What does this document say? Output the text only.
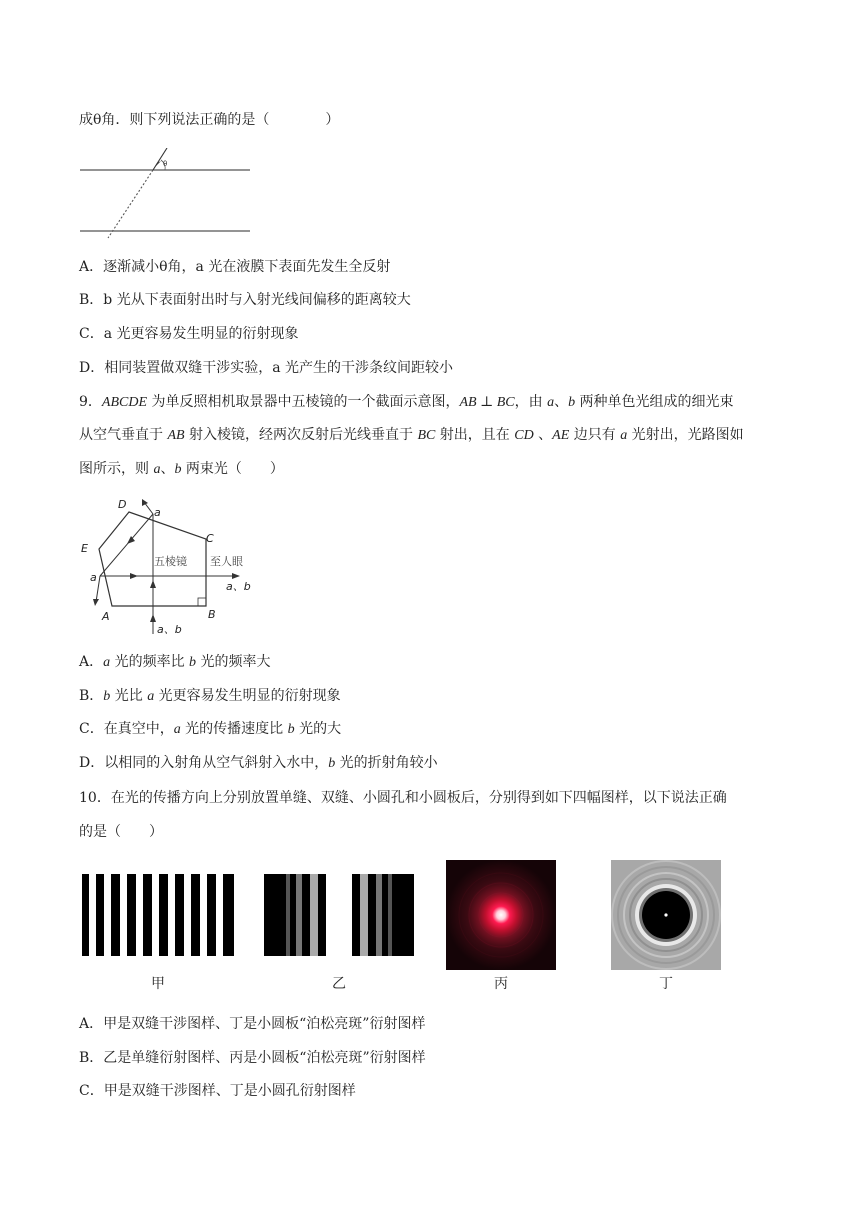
成θ角．则下列说法正确的是（　　　　）
θ
A．逐渐减小θ角，a 光在液膜下表面先发生全反射
B．b 光从下表面射出时与入射光线间偏移的距离较大
C．a 光更容易发生明显的衍射现象
D．相同装置做双缝干涉实验，a 光产生的干涉条纹间距较小
9．ABCDE 为单反照相机取景器中五棱镜的一个截面示意图，AB ⊥ BC，由 a、b 两种单色光组成的细光束
从空气垂直于 AB 射入棱镜，经两次反射后光线垂直于 BC 射出，且在 CD 、AE 边只有 a 光射出，光路图如
图所示，则 a、b 两束光（　　）
D
a
C
E
五棱镜 至人眼
a
a、b
A	B
a、b
A．a 光的频率比 b 光的频率大
B．b 光比 a 光更容易发生明显的衍射现象
C．在真空中，a 光的传播速度比 b 光的大
D．以相同的入射角从空气斜射入水中，b 光的折射角较小
10．在光的传播方向上分别放置单缝、双缝、小圆孔和小圆板后，分别得到如下四幅图样，以下说法正确
的是（　　）
甲	乙	丙	丁
A．甲是双缝干涉图样、丁是小圆板“泊松亮斑”衍射图样
B．乙是单缝衍射图样、丙是小圆板“泊松亮斑”衍射图样
C．甲是双缝干涉图样、丁是小圆孔衍射图样
